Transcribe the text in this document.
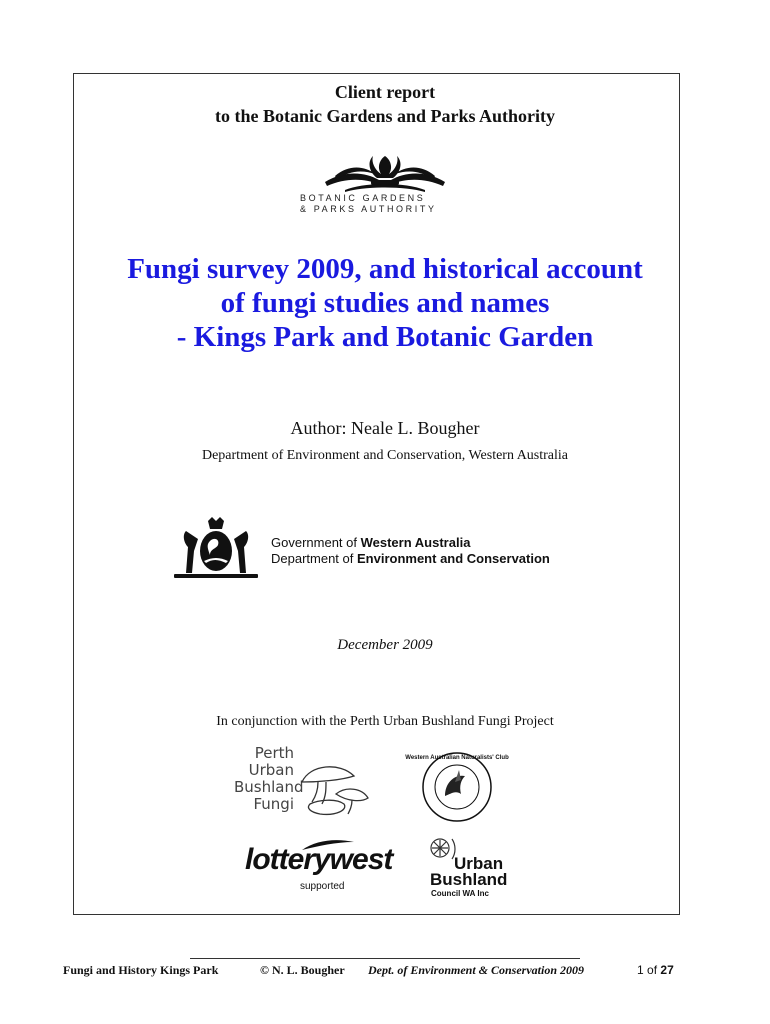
Client report
to the Botanic Gardens and Parks Authority
BOTANIC GARDENS
& PARKS AUTHORITY
Fungi survey 2009, and historical account
of fungi studies and names
- Kings Park and Botanic Garden
Author: Neale L. Bougher
Department of Environment and Conservation, Western Australia
Government of Western Australia
Department of Environment and Conservation
December 2009
In conjunction with the Perth Urban Bushland Fungi Project
Perth
Urban
Bushland
Fungi
Western Australian Naturalists' Club
lotterywest
supported
Urban
Bushland
Council WA Inc
Fungi and History Kings Park	© N. L. Bougher Dept. of Environment & Conservation 2009	1 of 27
